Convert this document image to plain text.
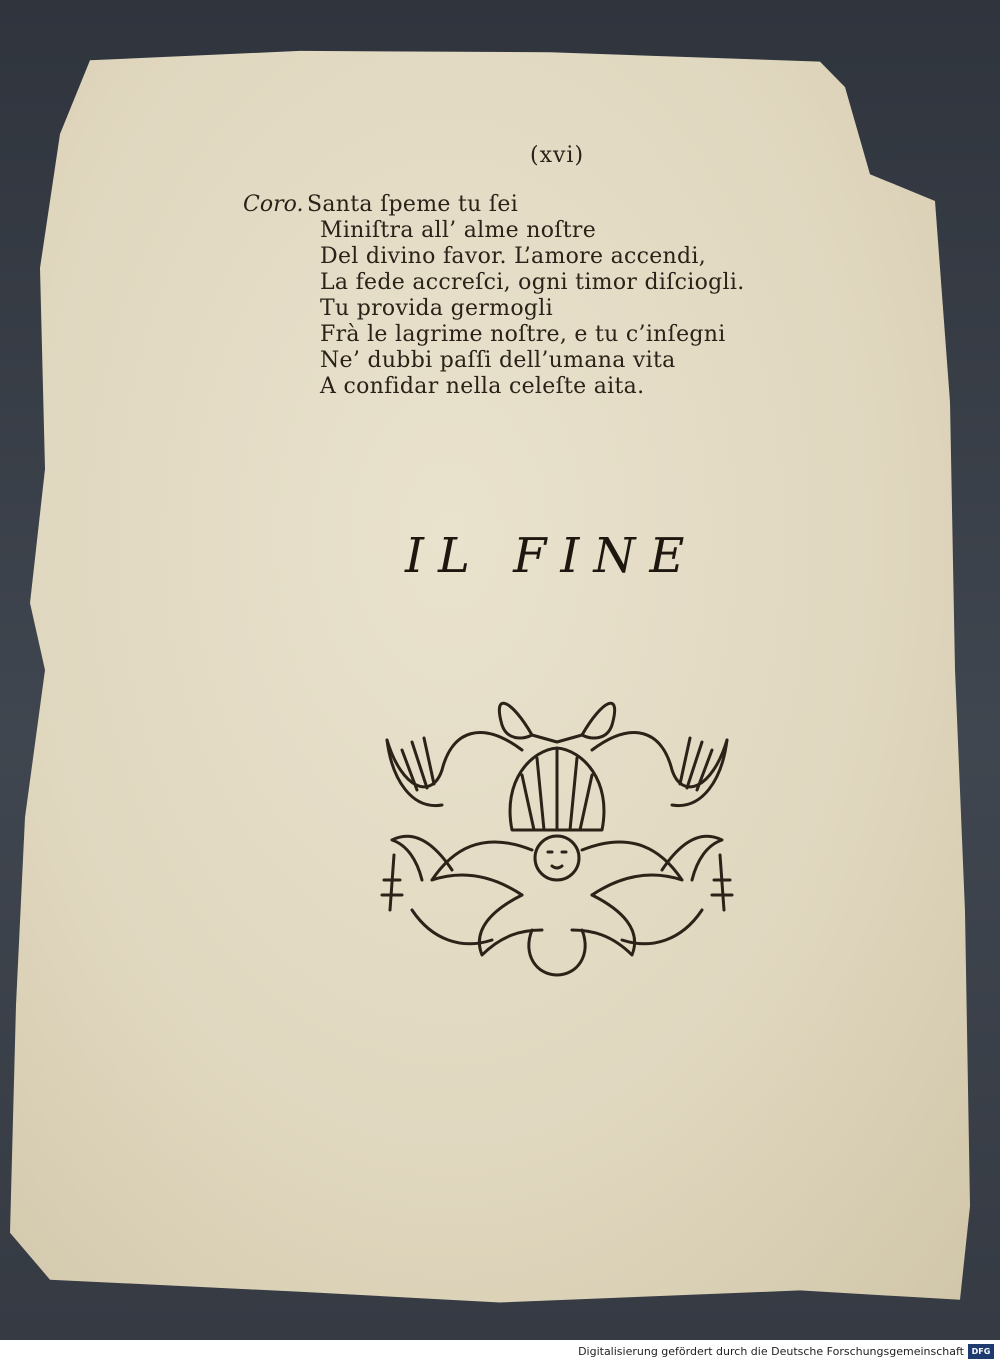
(xvi)
Coro. Santa ſpeme tu ſei
Miniſtra all’ alme noſtre
Del divino favor. L’amore accendi,
La fede accreſci, ogni timor diſciogli.
Tu provida germogli
Frà le lagrime noſtre, e tu c’inſegni
Ne’ dubbi paſſi dell’umana vita
A confidar nella celeſte aita.
IL FINE
Digitalisierung gefördert durch die Deutsche Forschungsgemeinschaft DFG
